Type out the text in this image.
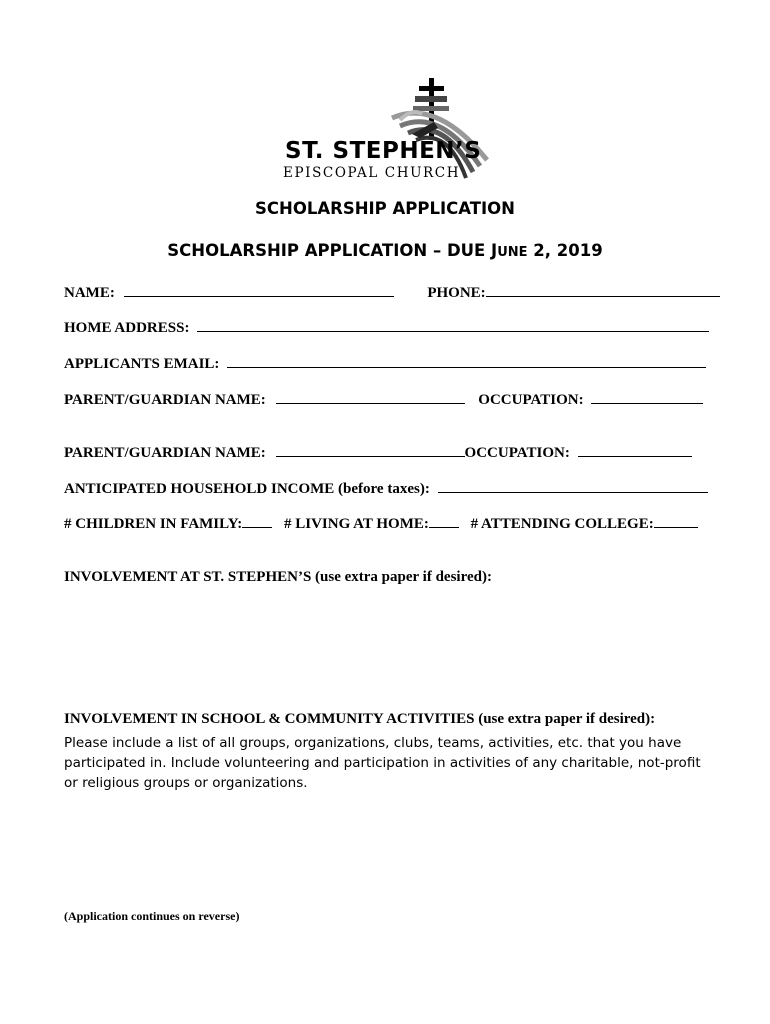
ST. STEPHEN’S
EPISCOPAL CHURCH
SCHOLARSHIP APPLICATION
SCHOLARSHIP APPLICATION – DUE JUNE 2, 2019
NAME:	PHONE:
HOME ADDRESS:
APPLICANTS EMAIL:
PARENT/GUARDIAN NAME:	OCCUPATION:
PARENT/GUARDIAN NAME:	OCCUPATION:
ANTICIPATED HOUSEHOLD INCOME (before taxes):
# CHILDREN IN FAMILY:	# LIVING AT HOME:	# ATTENDING COLLEGE:
INVOLVEMENT AT ST. STEPHEN’S (use extra paper if desired):
INVOLVEMENT IN SCHOOL & COMMUNITY ACTIVITIES (use extra paper if desired):
Please include a list of all groups, organizations, clubs, teams, activities, etc. that you have participated in. Include volunteering and participation in activities of any charitable, not-profit or religious groups or organizations.
(Application continues on reverse)
